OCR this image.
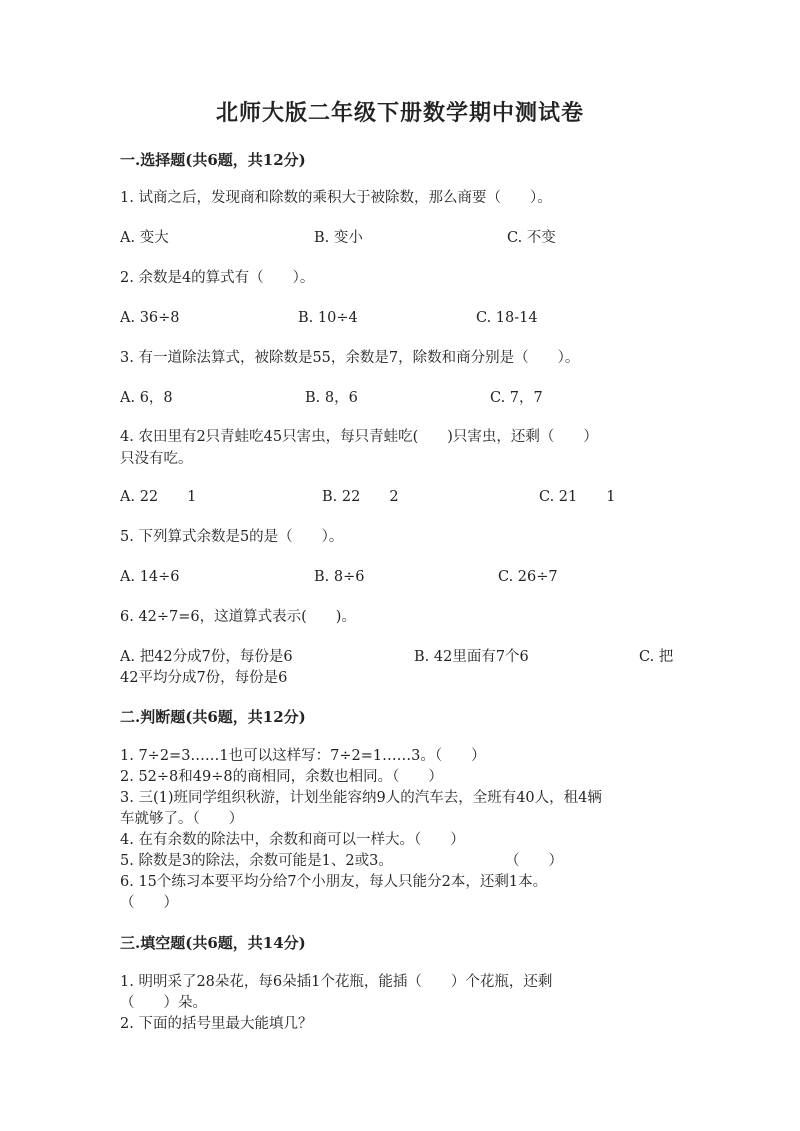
北师大版二年级下册数学期中测试卷
一.选择题(共6题，共12分)
1. 试商之后，发现商和除数的乘积大于被除数，那么商要（　　）。
A. 变大	B. 变小	C. 不变
2. 余数是4的算式有（　　）。
A. 36÷8	B. 10÷4	C. 18-14
3. 有一道除法算式，被除数是55，余数是7，除数和商分别是（　　）。
A. 6，8	B. 8，6	C. 7，7
4. 农田里有2只青蛙吃45只害虫，每只青蛙吃(　　)只害虫，还剩（　　）
只没有吃。
A. 22　　1	B. 22　　2	C. 21　　1
5. 下列算式余数是5的是（　　）。
A. 14÷6	B. 8÷6	C. 26÷7
6. 42÷7=6，这道算式表示(　　)。
A. 把42分成7份，每份是6	B. 42里面有7个6	C. 把
42平均分成7份，每份是6
二.判断题(共6题，共12分)
1. 7÷2=3……1也可以这样写：7÷2=1……3。（　　）
2. 52÷8和49÷8的商相同，余数也相同。（　　）
3. 三(1)班同学组织秋游，计划坐能容纳9人的汽车去，全班有40人，租4辆
车就够了。（　　）
4. 在有余数的除法中，余数和商可以一样大。（　　）
5. 除数是3的除法，余数可能是1、2或3。	（　　）
6. 15个练习本要平均分给7个小朋友，每人只能分2本，还剩1本。
（　　）
三.填空题(共6题，共14分)
1. 明明采了28朵花，每6朵插1个花瓶，能插（　　）个花瓶，还剩
（　　）朵。
2. 下面的括号里最大能填几？
